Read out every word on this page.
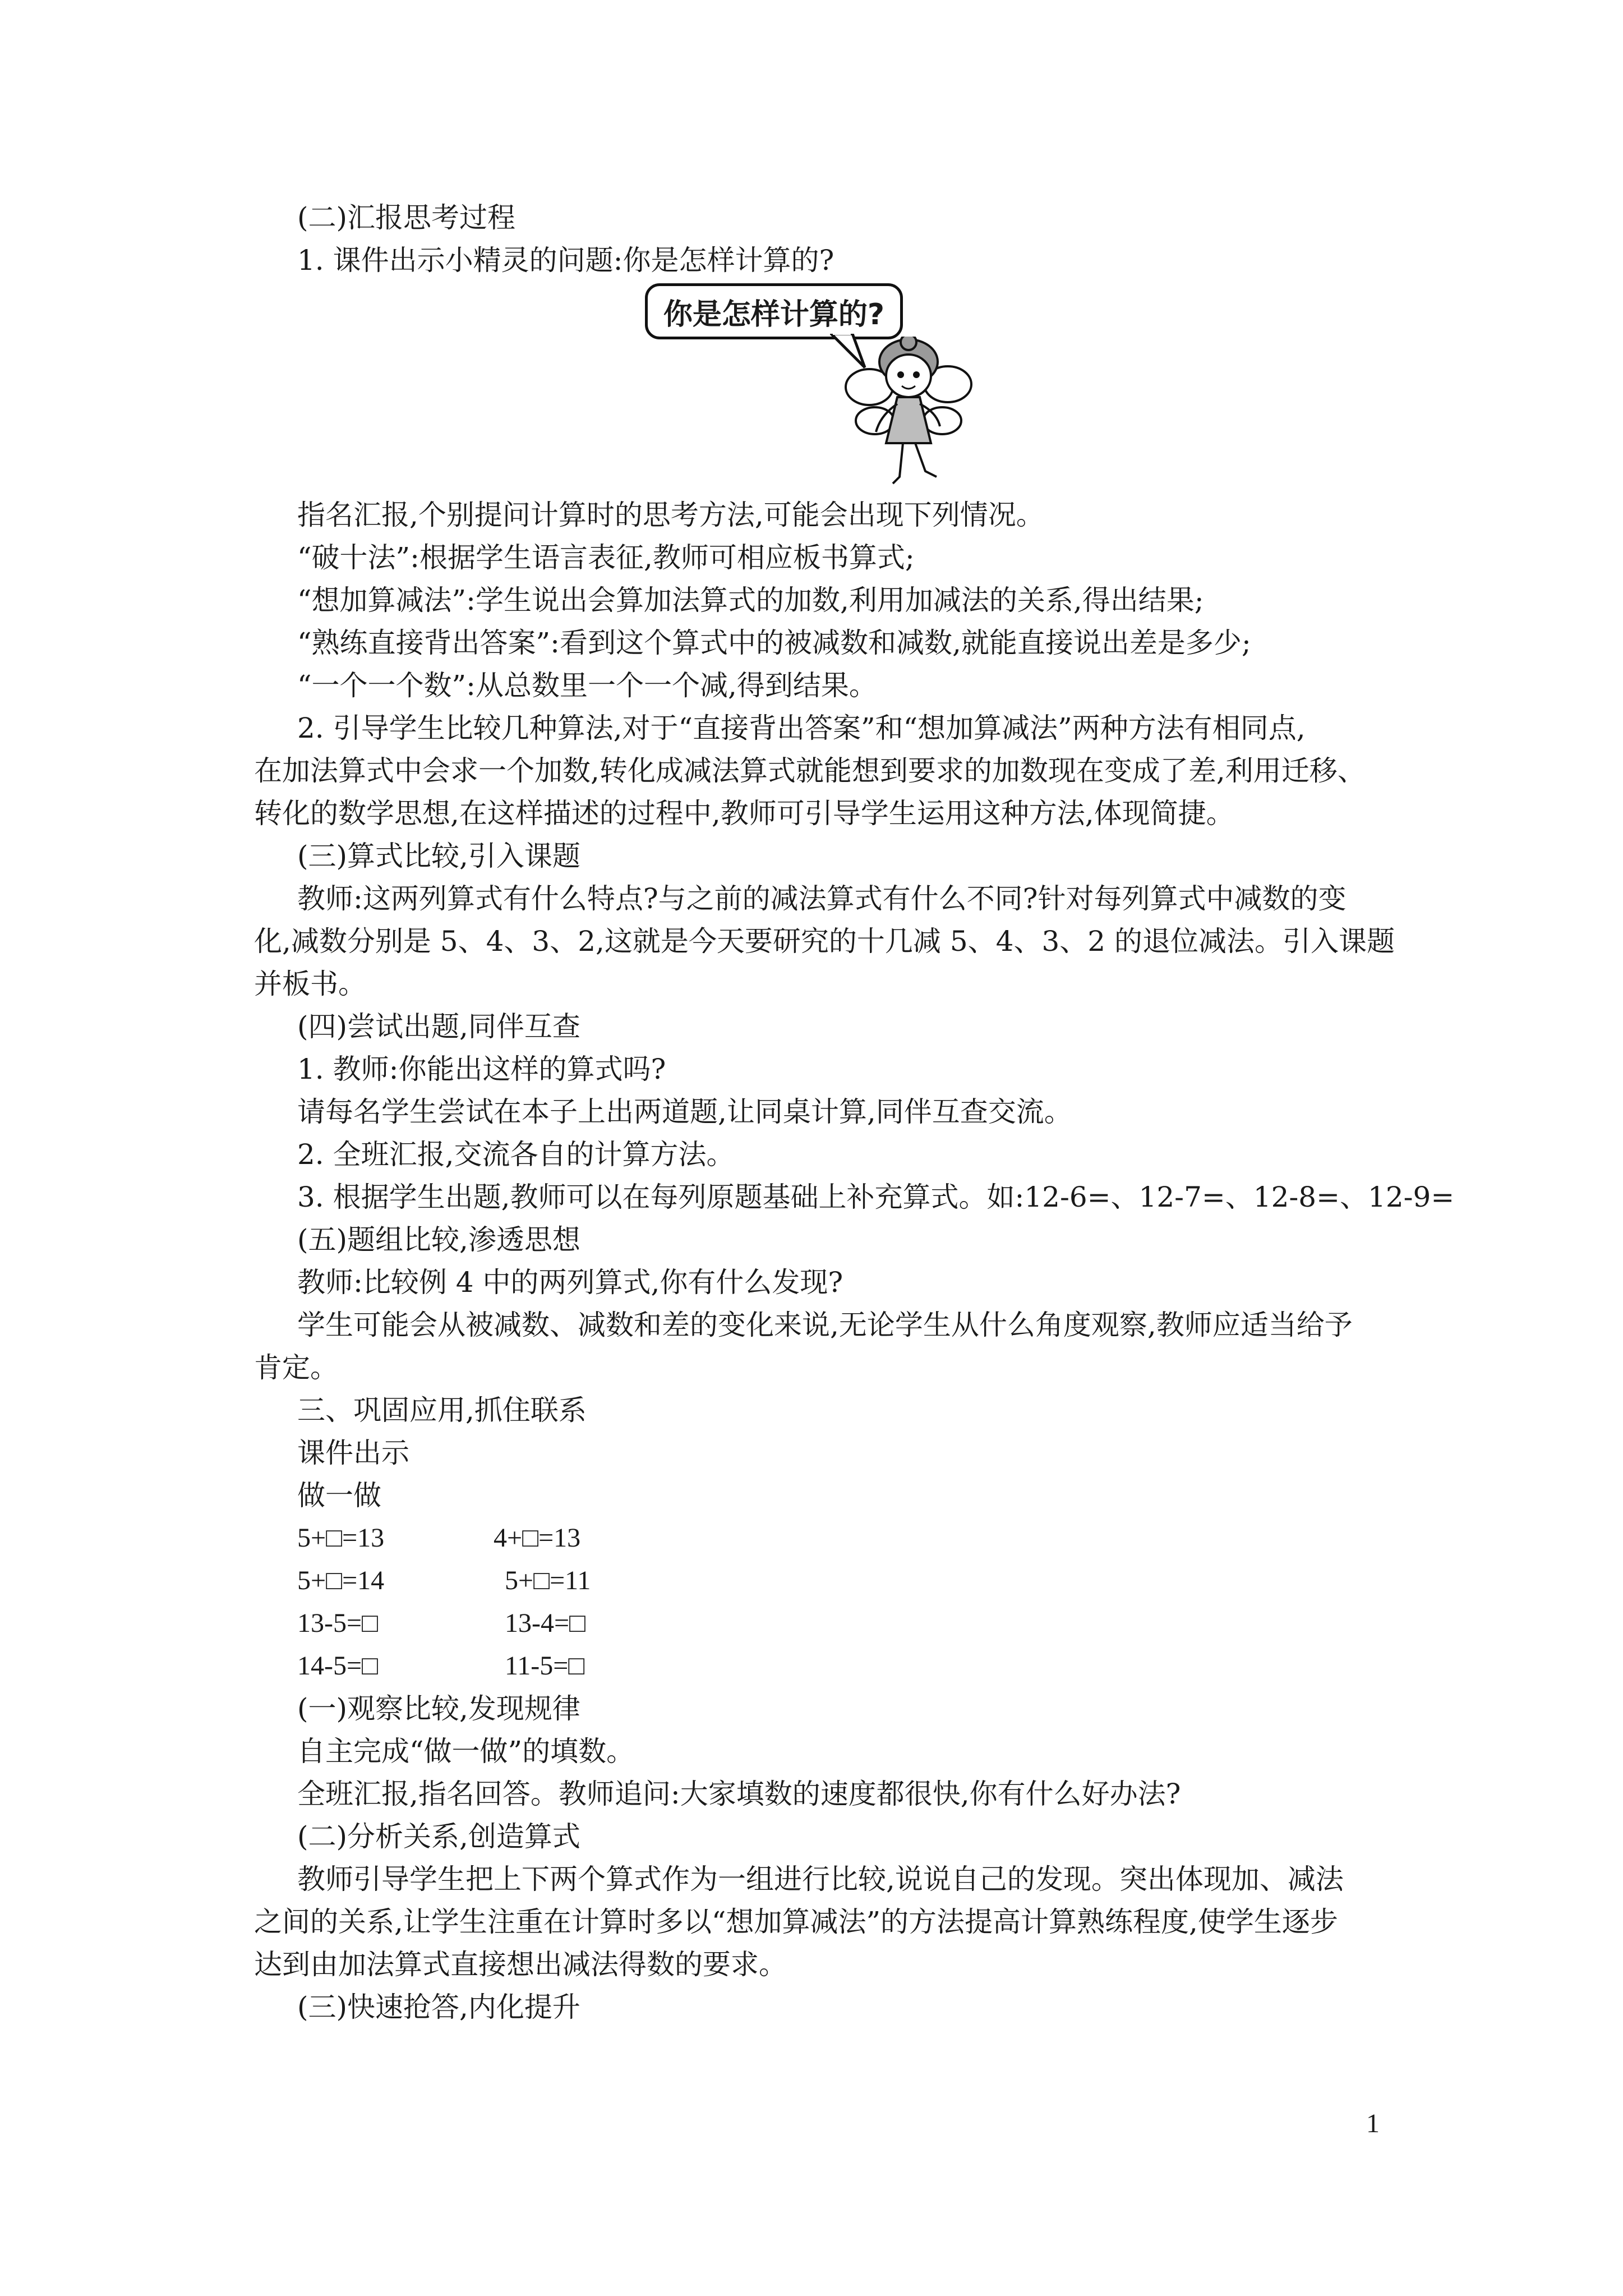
(二)汇报思考过程
1. 课件出示小精灵的问题:你是怎样计算的?
你是怎样计算的?
指名汇报,个别提问计算时的思考方法,可能会出现下列情况。
“破十法”:根据学生语言表征,教师可相应板书算式;
“想加算减法”:学生说出会算加法算式的加数,利用加减法的关系,得出结果;
“熟练直接背出答案”:看到这个算式中的被减数和减数,就能直接说出差是多少;
“一个一个数”:从总数里一个一个减,得到结果。
2. 引导学生比较几种算法,对于“直接背出答案”和“想加算减法”两种方法有相同点,
在加法算式中会求一个加数,转化成减法算式就能想到要求的加数现在变成了差,利用迁移、
转化的数学思想,在这样描述的过程中,教师可引导学生运用这种方法,体现简捷。
(三)算式比较,引入课题
教师:这两列算式有什么特点?与之前的减法算式有什么不同?针对每列算式中减数的变
化,减数分别是 5、4、3、2,这就是今天要研究的十几减 5、4、3、2 的退位减法。引入课题
并板书。
(四)尝试出题,同伴互查
1. 教师:你能出这样的算式吗?
请每名学生尝试在本子上出两道题,让同桌计算,同伴互查交流。
2. 全班汇报,交流各自的计算方法。
3. 根据学生出题,教师可以在每列原题基础上补充算式。如:12-6=、12-7=、12-8=、12-9=
(五)题组比较,渗透思想
教师:比较例 4 中的两列算式,你有什么发现?
学生可能会从被减数、减数和差的变化来说,无论学生从什么角度观察,教师应适当给予
肯定。
三、巩固应用,抓住联系
课件出示
做一做
5+□=13	4+□=13
5+□=14	5+□=11
13-5=□	13-4=□
14-5=□	11-5=□
(一)观察比较,发现规律
自主完成“做一做”的填数。
全班汇报,指名回答。教师追问:大家填数的速度都很快,你有什么好办法?
(二)分析关系,创造算式
教师引导学生把上下两个算式作为一组进行比较,说说自己的发现。突出体现加、减法
之间的关系,让学生注重在计算时多以“想加算减法”的方法提高计算熟练程度,使学生逐步
达到由加法算式直接想出减法得数的要求。
(三)快速抢答,内化提升
1
